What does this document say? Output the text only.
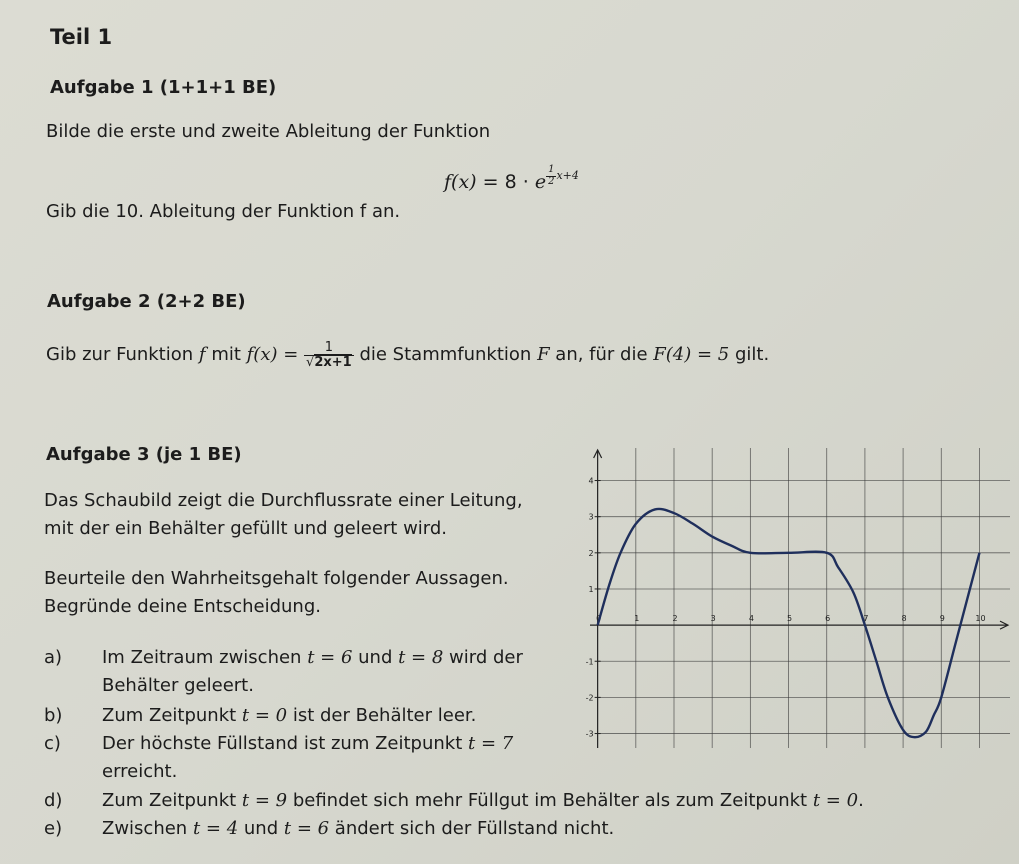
Teil 1
Aufgabe 1 (1+1+1 BE)
Bilde die erste und zweite Ableitung der Funktion
f(x) = 8 · e $^{\frac{1}{2} x+4}$
Gib die 10. Ableitung der Funktion f an.
Aufgabe 2 (2+2 BE)
Gib zur Funktion f mit $f(x) = \frac{1}{√2x+1}$ die Stammfunktion F an, für die F(4) = 5 gilt.
Aufgabe 3 (je 1 BE)
Das Schaubild zeigt die Durchflussrate einer Leitung,
mit der ein Behälter gefüllt und geleert wird.
Beurteile den Wahrheitsgehalt folgender Aussagen.
Begründe deine Entscheidung.
a) Im Zeitraum zwischen t = 6 und t = 8 wird der
Behälter geleert.
b) Zum Zeitpunkt t = 0 ist der Behälter leer.
c) Der höchste Füllstand ist zum Zeitpunkt t = 7
erreicht.
d) Zum Zeitpunkt t = 9 befindet sich mehr Füllgut im Behälter als zum Zeitpunkt t = 0.
e) Zwischen t = 4 und t = 6 ändert sich der Füllstand nicht.
0	1	2	3	4	5	6	7	8	9	10
-3
-2
-1
1
2
3
4
